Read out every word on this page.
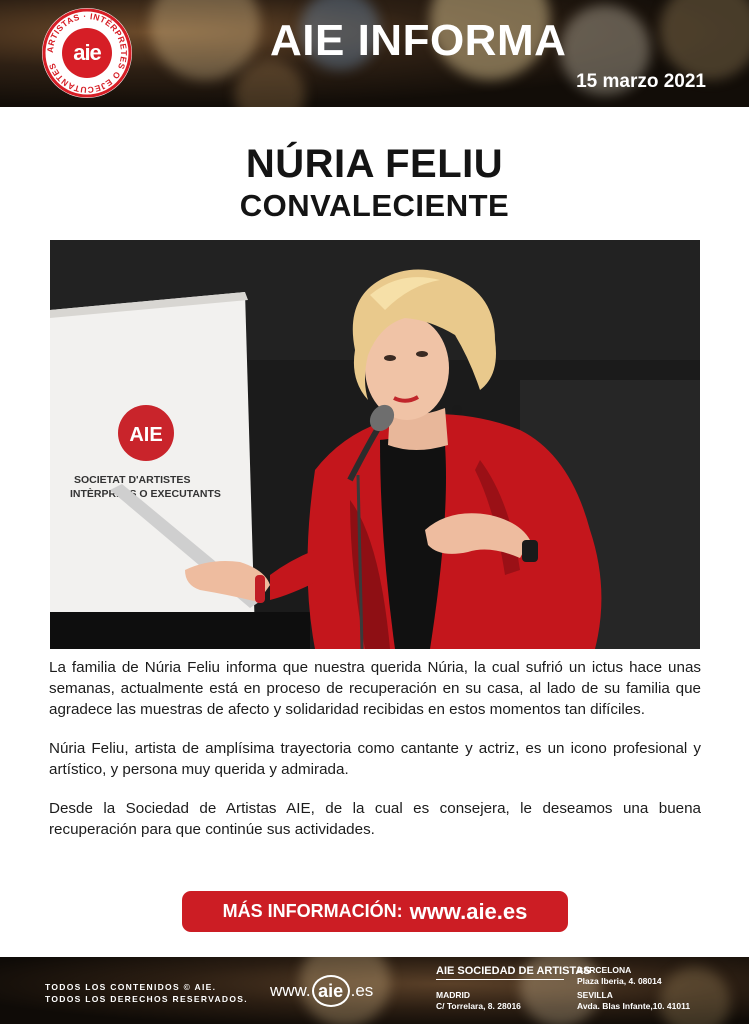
ARTISTAS · INTÉRPRETES O EJECUTANTES
aie	AIE INFORMA
15 marzo 2021
NÚRIA FELIU
CONVALECIENTE
AIE
SOCIETAT D'ARTISTES
INTÈRPRETS O EXECUTANTS

La familia de Núria Feliu informa que nuestra querida Núria, la cual sufrió un ictus hace unas semanas, actualmente está en proceso de recuperación en su casa, al lado de su familia que agradece las muestras de afecto y solidaridad recibidas en estos momentos tan difíciles.

Núria Feliu, artista de amplísima trayectoria como cantante y actriz, es un icono profesional y artístico, y persona muy querida y admirada.

Desde la Sociedad de Artistas AIE, de la cual es consejera, le deseamos una buena recuperación para que continúe sus actividades.

MÁS INFORMACIÓN: www.aie.es
TODOS LOS CONTENIDOS © AIE.
TODOS LOS DERECHOS RESERVADOS. www. aie .es
AIE SOCIEDAD DE ARTISTAS
MADRID
C/ Torrelara, 8. 28016
BARCELONA
Plaza Iberia, 4. 08014
SEVILLA
Avda. Blas Infante,10. 41011
